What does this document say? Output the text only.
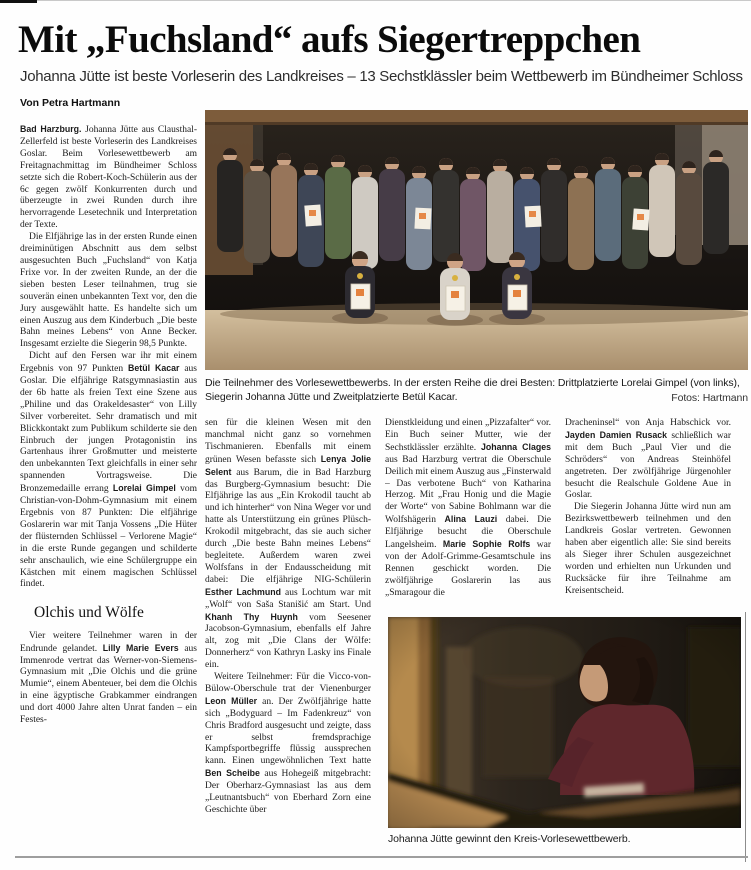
Mit „Fuchsland“ aufs Siegertreppchen
Johanna Jütte ist beste Vorleserin des Landkreises – 13 Sechstklässler beim Wettbewerb im Bündheimer Schloss
Von Petra Hartmann

Bad Harzburg. Johanna Jütte aus Clausthal-Zellerfeld ist beste Vorleserin des Landkreises Goslar. Beim Vorlesewettbewerb am Freitagnachmittag im Bündheimer Schloss setzte sich die Robert-Koch-Schülerin aus der 6c gegen zwölf Konkurrenten durch und überzeugte in zwei Runden durch ihre hervorragende Lesetechnik und Interpretation der Texte.

Die Elfjährige las in der ersten Runde einen dreiminütigen Abschnitt aus dem selbst ausgesuchten Buch „Fuchsland“ von Katja Frixe vor. In der zweiten Runde, an der die sieben besten Leser teilnahmen, trug sie souverän einen unbekannten Text vor, den die Jury ausgewählt hatte. Es handelte sich um einen Auszug aus dem Kinderbuch „Die beste Bahn meines Lebens“ von Anne Becker. Insgesamt erzielte die Siegerin 98,5 Punkte.

Dicht auf den Fersen war ihr mit einem Ergebnis von 97 Punkten Betül Kacar aus Goslar. Die elfjährige Ratsgymnasiastin aus der 6b hatte als freien Text eine Szene aus „Philine und das Orakeldesaster“ von Lilly Silver vorbereitet. Sehr dramatisch und mit Blickkontakt zum Publikum schilderte sie den Einbruch der jungen Protagonistin ins Gartenhaus ihrer Großmutter und meisterte den unbekannten Text gleichfalls in einer sehr spannenden Vortragsweise. Die Bronzemedaille errang Lorelai Gimpel vom Christian-von-Dohm-Gymnasium mit einem Ergebnis von 87 Punkten: Die elfjährige Goslarerin war mit Tanja Vossens „Die Hüter der flüsternden Schlüssel – Verlorene Magie“ in die erste Runde gegangen und schilderte sehr anschaulich, wie eine Schülergruppe ein Kästchen mit einem magischen Schlüssel findet.

Olchis und Wölfe

Vier weitere Teilnehmer waren in der Endrunde gelandet. Lilly Marie Evers aus Immenrode vertrat das Werner-von-Siemens-Gymnasium mit „Die Olchis und die grüne Mumie“, einem Abenteuer, bei dem die Olchis in eine ägyptische Grabkammer eindrangen und dort 4000 Jahre alten Unrat fanden – ein Festes-

Die Teilnehmer des Vorlesewettbewerbs. In der ersten Reihe die drei Besten: Drittplatzierte Lorelai Gimpel (von links), Siegerin Johanna Jütte und Zweitplatzierte Betül Kacar.	Fotos: Hartmann

sen für die kleinen Wesen mit den manchmal nicht ganz so vornehmen Tischmanieren. Ebenfalls mit einem grünen Wesen befasste sich Lenya Jolie Selent aus Barum, die in Bad Harzburg das Burgberg-Gymnasium besucht: Die Elfjährige las aus „Ein Krokodil taucht ab und ich hinterher“ von Nina Weger vor und hatte als Unterstützung ein grünes Plüsch-Krokodil mitgebracht, das sie auch sicher durch „Die beste Bahn meines Lebens“ begleitete. Außerdem waren zwei Wolfsfans in der Endausscheidung mit dabei: Die elfjährige NIG-Schülerin Esther Lachmund aus Lochtum war mit „Wolf“ von Saša Stanišić am Start. Und Khanh Thy Huynh vom Seesener Jacobson-Gymnasium, ebenfalls elf Jahre alt, zog mit „Die Clans der Wölfe: Donnerherz“ von Kathryn Lasky ins Finale ein.

Weitere Teilnehmer: Für die Vicco-von-Bülow-Oberschule trat der Vienenburger Leon Müller an. Der Zwölfjährige hatte sich „Bodyguard – Im Fadenkreuz“ von Chris Bradford ausgesucht und zeigte, dass er selbst fremdsprachige Kampfsportbegriffe flüssig aussprechen kann. Einen ungewöhnlichen Text hatte Ben Scheibe aus Hohegeiß mitgebracht: Der Oberharz-Gymnasiast las aus dem „Leutnantsbuch“ von Eberhard Zorn eine Geschichte über

Dienstkleidung und einen „Pizzafalter“ vor. Ein Buch seiner Mutter, wie der Sechstklässler erzählte. Johanna Clages aus Bad Harzburg vertrat die Oberschule Deilich mit einem Auszug aus „Finsterwald – Das verbotene Buch“ von Katharina Herzog. Mit „Frau Honig und die Magie der Worte“ von Sabine Bohlmann war die Wolfshägerin Alina Lauzi dabei. Die Elfjährige besucht die Oberschule Langelsheim. Marie Sophie Rolfs war von der Adolf-Grimme-Gesamtschule ins Rennen geschickt worden. Die zwölfjährige Goslarerin las aus „Smaragour die

Dracheninsel“ von Anja Habschick vor. Jayden Damien Rusack schließlich war mit dem Buch „Paul Vier und die Schröders“ von Andreas Steinhöfel angetreten. Der zwölfjährige Jürgenohler besucht die Realschule Goldene Aue in Goslar.

Die Siegerin Johanna Jütte wird nun am Bezirkswettbewerb teilnehmen und den Landkreis Goslar vertreten. Gewonnen haben aber eigentlich alle: Sie sind bereits als Sieger ihrer Schulen ausgezeichnet worden und erhielten nun Urkunden und Rucksäcke für ihre Teilnahme am Kreisentscheid.

Johanna Jütte gewinnt den Kreis-Vorlesewettbewerb.
